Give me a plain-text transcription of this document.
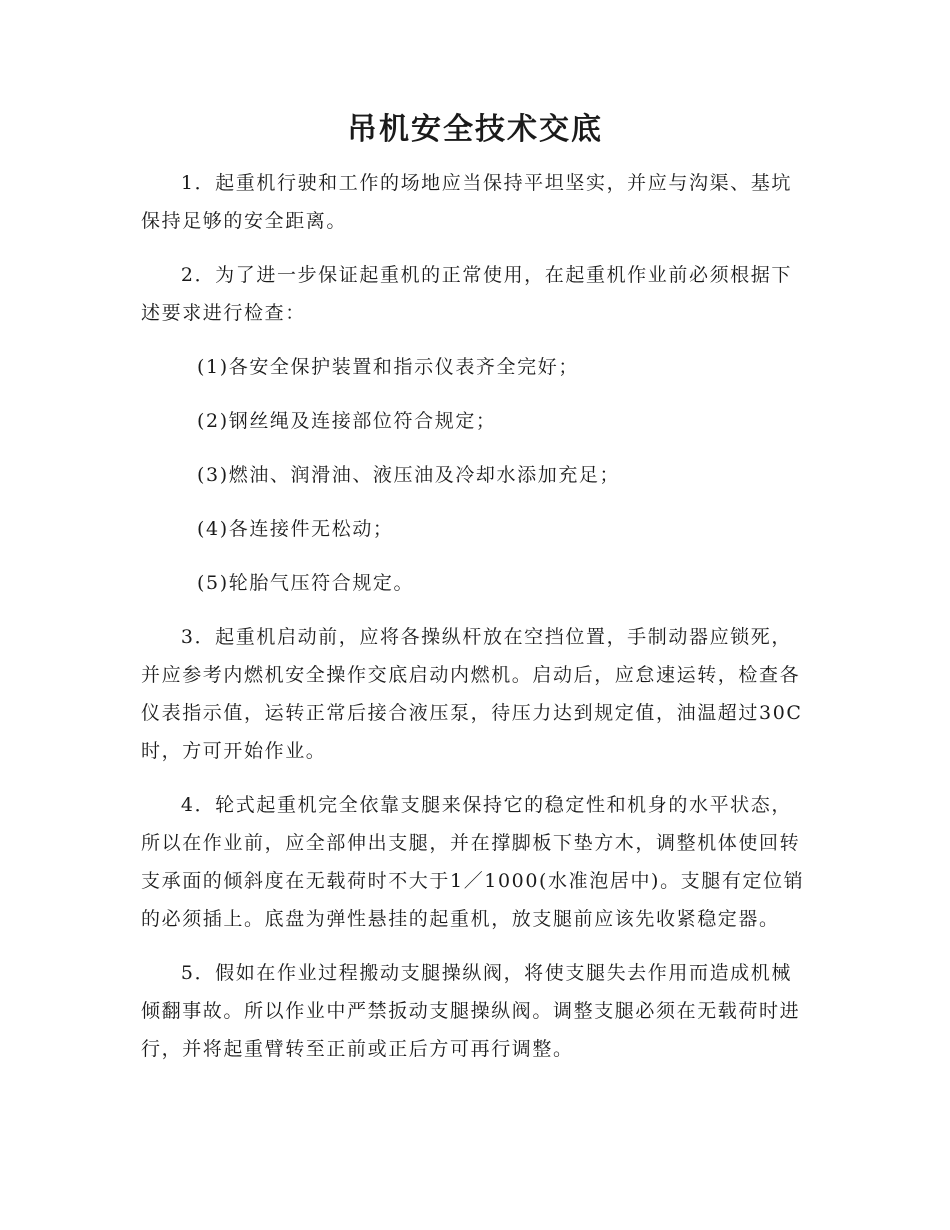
吊机安全技术交底

1．起重机行驶和工作的场地应当保持平坦坚实，并应与沟渠、基坑保持足够的安全距离。

2．为了进一步保证起重机的正常使用，在起重机作业前必须根据下述要求进行检查：

(1)各安全保护装置和指示仪表齐全完好；
(2)钢丝绳及连接部位符合规定；
(3)燃油、润滑油、液压油及冷却水添加充足；
(4)各连接件无松动；
(5)轮胎气压符合规定。

3．起重机启动前，应将各操纵杆放在空挡位置，手制动器应锁死，并应参考内燃机安全操作交底启动内燃机。启动后，应怠速运转，检查各仪表指示值，运转正常后接合液压泵，待压力达到规定值，油温超过30C时，方可开始作业。

4．轮式起重机完全依靠支腿来保持它的稳定性和机身的水平状态，所以在作业前，应全部伸出支腿，并在撑脚板下垫方木，调整机体使回转支承面的倾斜度在无载荷时不大于1／1000(水准泡居中)。支腿有定位销的必须插上。底盘为弹性悬挂的起重机，放支腿前应该先收紧稳定器。

5．假如在作业过程搬动支腿操纵阀，将使支腿失去作用而造成机械倾翻事故。所以作业中严禁扳动支腿操纵阀。调整支腿必须在无载荷时进行，并将起重臂转至正前或正后方可再行调整。
